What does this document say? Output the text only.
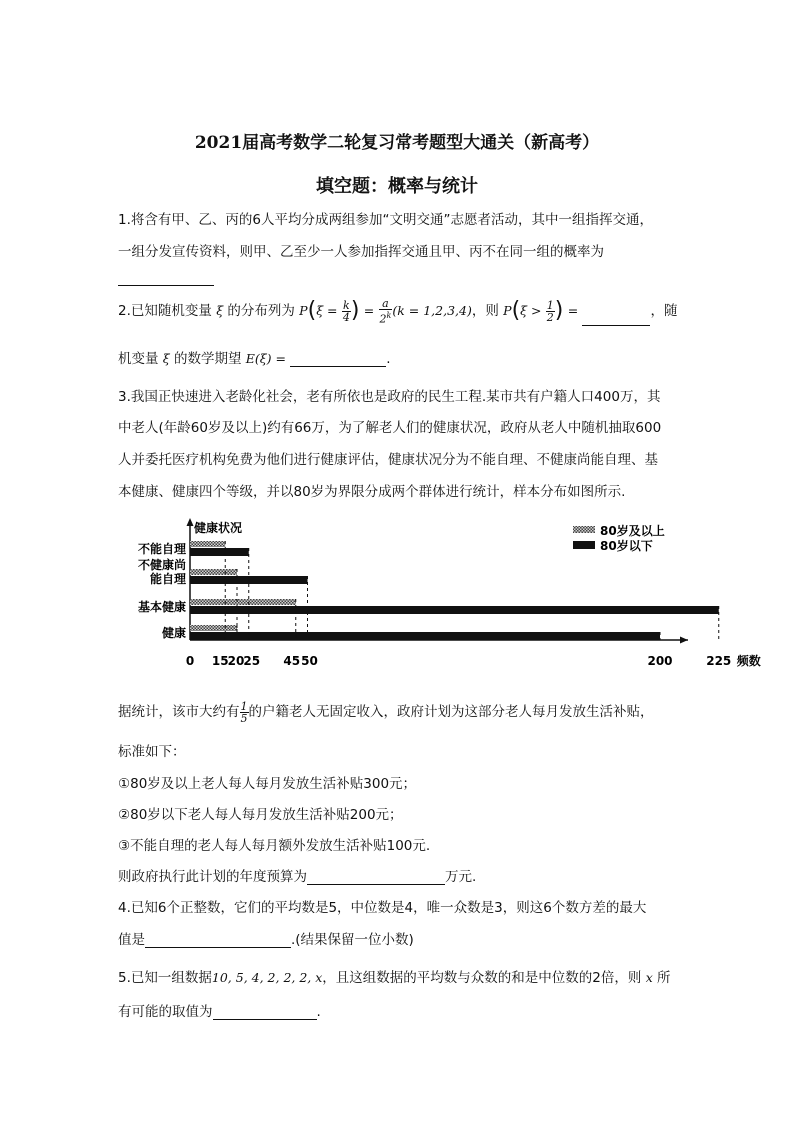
2021届高考数学二轮复习常考题型大通关（新高考）
填空题：概率与统计
1.将含有甲、乙、丙的6人平均分成两组参加“文明交通”志愿者活动，其中一组指挥交通，
一组分发宣传资料，则甲、乙至少一人参加指挥交通且甲、丙不在同一组的概率为
2.已知随机变量 ξ 的分布列为 $P(\xi = \frac{k}{4}$ ) = $\frac{a}{2^k} (k = 1,2,3,4)$，则 $P(\xi > \frac{1}{2}$ ) =	，随
机变量 ξ 的数学期望 E(ξ) =	.
3.我国正快速进入老龄化社会，老有所依也是政府的民生工程.某市共有户籍人口400万，其
中老人(年龄60岁及以上)约有66万，为了解老人们的健康状况，政府从老人中随机抽取600
人并委托医疗机构免费为他们进行健康评估，健康状况分为不能自理、不健康尚能自理、基
本健康、健康四个等级，并以80岁为界限分成两个群体进行统计，样本分布如图所示.
健康状况
频数
不能自理
不健康尚
能自理
基本健康
健康
0 15 20 25 45 50	200	225
80岁及以上
80岁以下
据统计，该市大约有 $\frac{1}{5}$ 的户籍老人无固定收入，政府计划为这部分老人每月发放生活补贴，
标准如下：
①80岁及以上老人每人每月发放生活补贴300元；
②80岁以下老人每人每月发放生活补贴200元；
③不能自理的老人每人每月额外发放生活补贴100元.
则政府执行此计划的年度预算为	万元.
4.已知6个正整数，它们的平均数是5，中位数是4，唯一众数是3，则这6个数方差的最大
值是	.(结果保留一位小数)
5.已知一组数据10, 5, 4, 2, 2, 2, x，且这组数据的平均数与众数的和是中位数的2倍，则 x 所
有可能的取值为	.
